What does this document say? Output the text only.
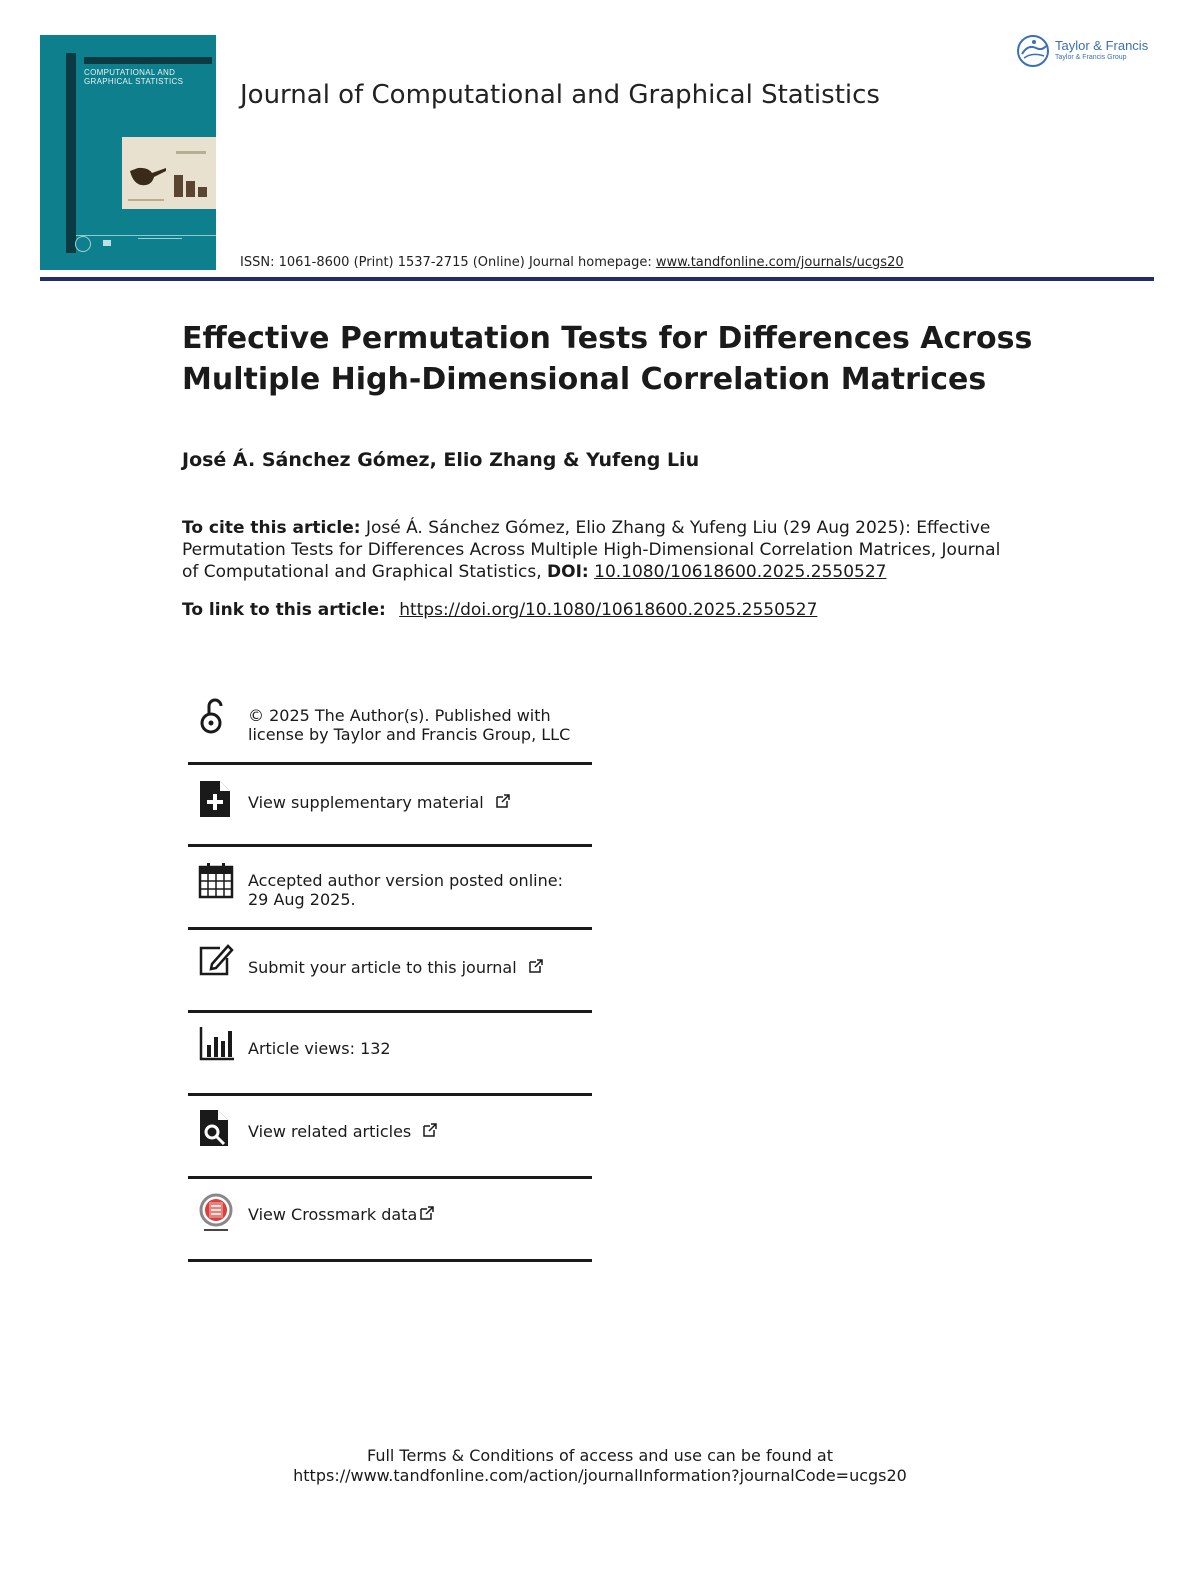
COMPUTATIONAL AND
GRAPHICAL STATISTICS Journal of Computational and Graphical Statistics
Taylor & Francis
Taylor & Francis Group
ISSN: 1061-8600 (Print) 1537-2715 (Online) Journal homepage: www.tandfonline.com/journals/ucgs20
Effective Permutation Tests for Differences Across Multiple High-Dimensional Correlation Matrices
José Á. Sánchez Gómez, Elio Zhang & Yufeng Liu
To cite this article: José Á. Sánchez Gómez, Elio Zhang & Yufeng Liu (29 Aug 2025): Effective Permutation Tests for Differences Across Multiple High-Dimensional Correlation Matrices, Journal of Computational and Graphical Statistics, DOI: 10.1080/10618600.2025.2550527
To link to this article: https://doi.org/10.1080/10618600.2025.2550527
© 2025 The Author(s). Published with license by Taylor and Francis Group, LLC
View supplementary material
Accepted author version posted online: 29 Aug 2025.
Submit your article to this journal
Article views: 132
View related articles
View Crossmark data
Full Terms & Conditions of access and use can be found at
https://www.tandfonline.com/action/journalInformation?journalCode=ucgs20
